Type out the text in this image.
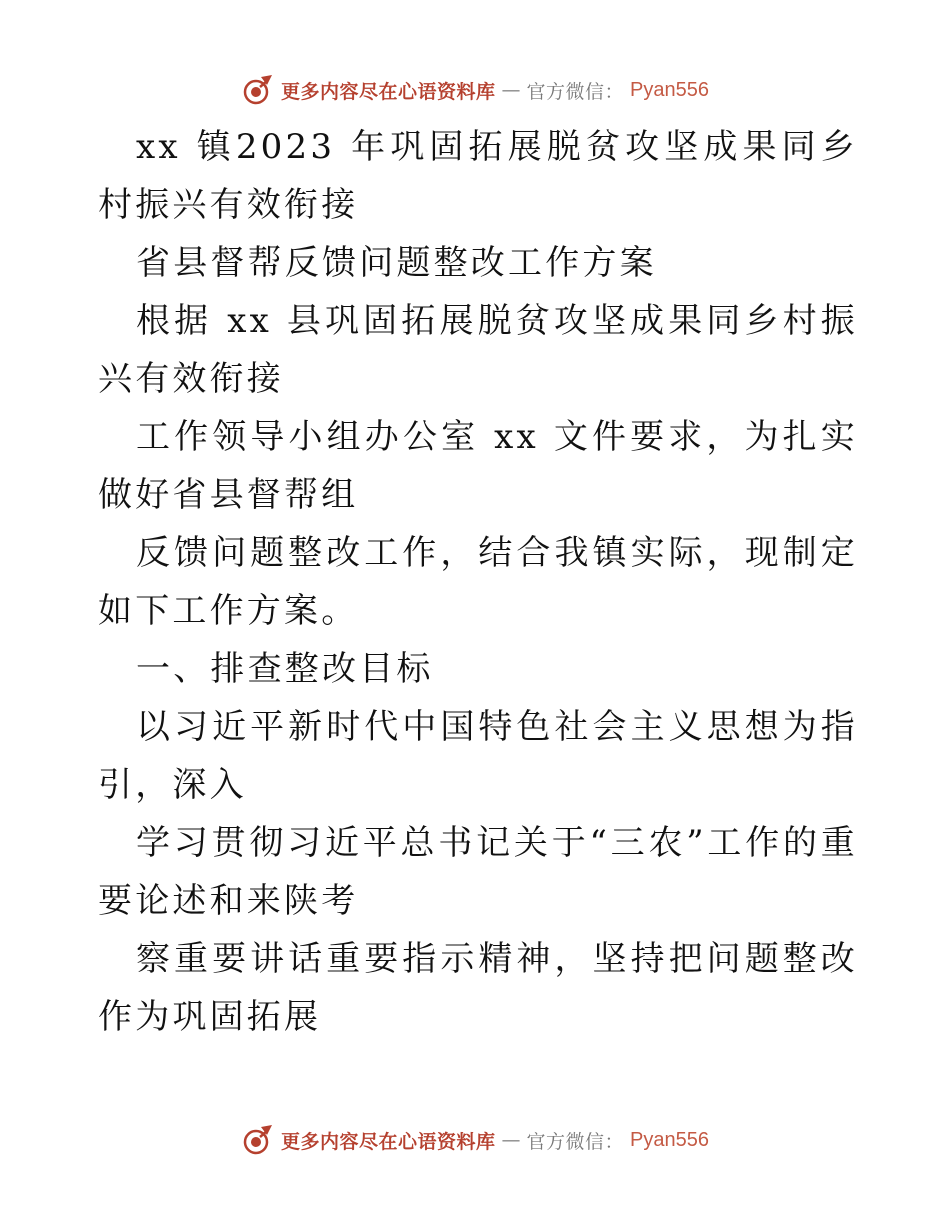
更多内容尽在心语资料库 — 官方微信： Pyan556

xx 镇2023 年巩固拓展脱贫攻坚成果同乡村振兴有效衔接

省县督帮反馈问题整改工作方案

根据 xx 县巩固拓展脱贫攻坚成果同乡村振兴有效衔接

工作领导小组办公室 xx 文件要求，为扎实做好省县督帮组

反馈问题整改工作，结合我镇实际，现制定如下工作方案。

一、排查整改目标

以习近平新时代中国特色社会主义思想为指引，深入

学习贯彻习近平总书记关于“三农”工作的重要论述和来陕考

察重要讲话重要指示精神，坚持把问题整改作为巩固拓展

更多内容尽在心语资料库 — 官方微信： Pyan556
